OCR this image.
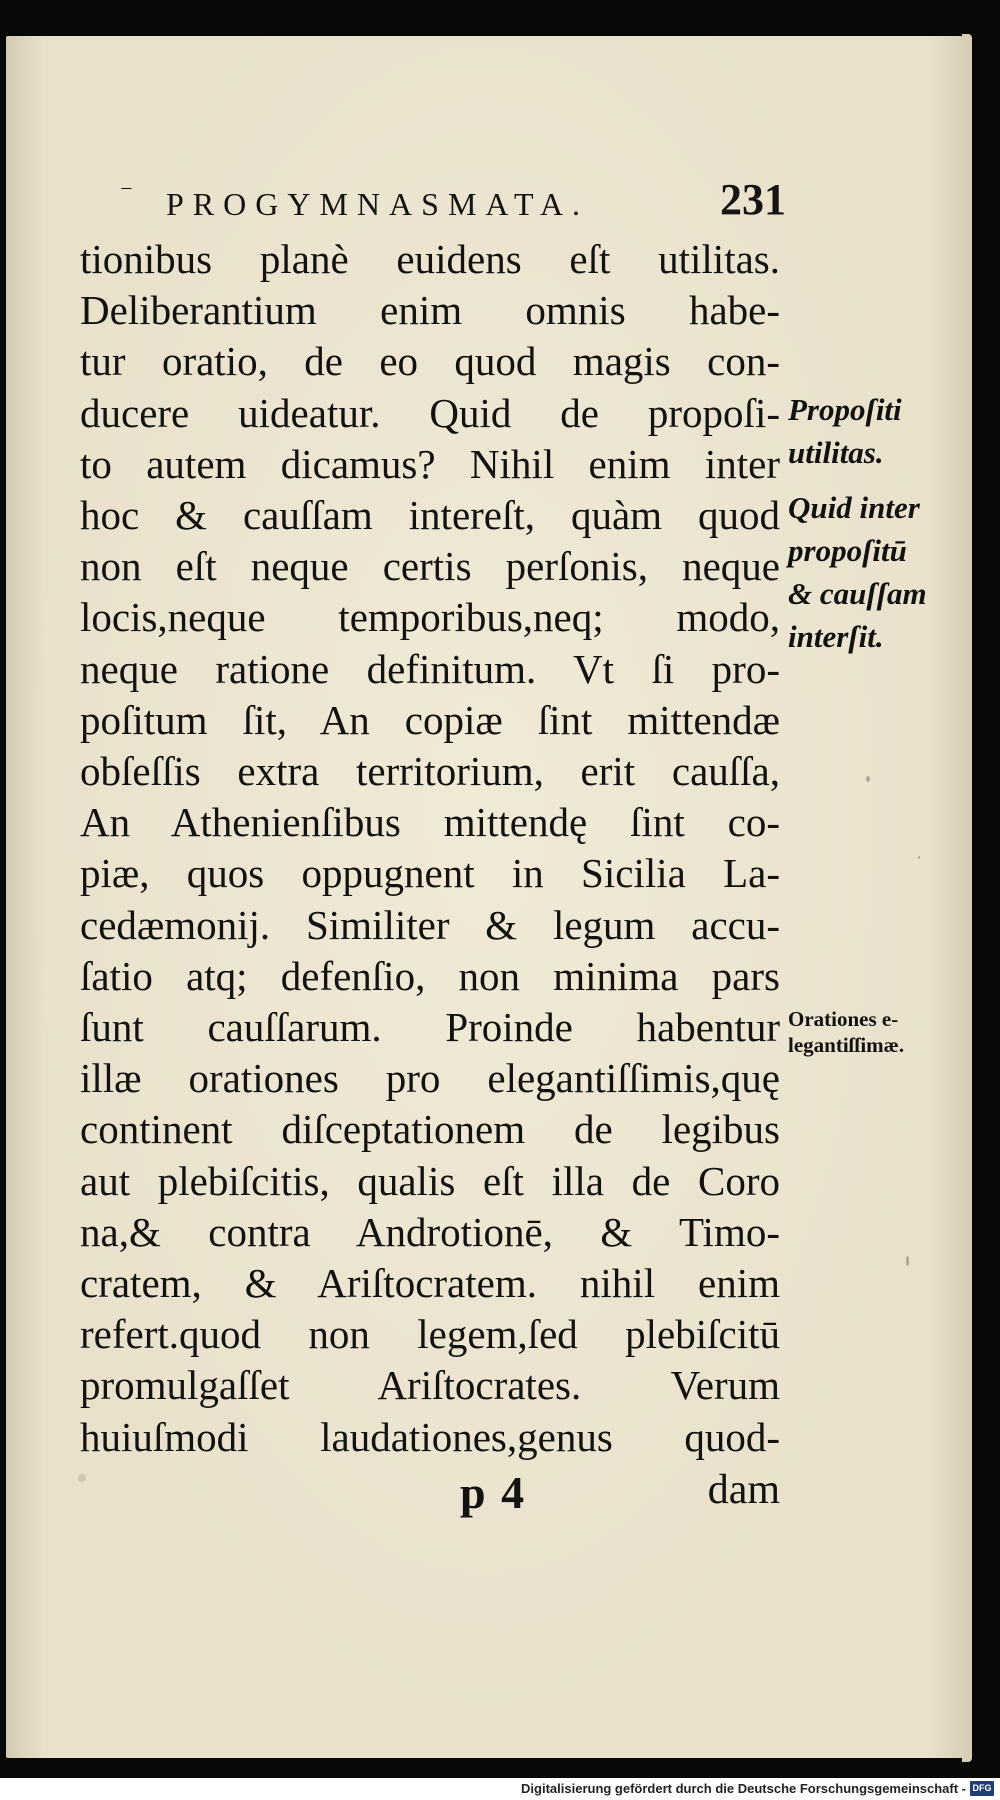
‾ PROGYMNASMATA.	231
tionibus planè euidens eſt utilitas.
Deliberantium enim omnis habe-
tur oratio, de eo quod magis con-
ducere uideatur. Quid de propoſi-
to autem dicamus? Nihil enim inter
hoc & cauſſam intereſt, quàm quod
non eſt neque certis perſonis, neque
locis,neque temporibus,neq; modo,
neque ratione definitum. Vt ſi pro-
poſitum ſit, An copiæ ſint mittendæ
obſeſſis extra territorium, erit cauſſa,
An Athenienſibus mittendę ſint co-
piæ, quos oppugnent in Sicilia La-
cedæmonij. Similiter & legum accu-
ſatio atq; defenſio, non minima pars
ſunt cauſſarum. Proinde habentur
illæ orationes pro elegantiſſimis,quę
continent diſceptationem de legibus
aut plebiſcitis, qualis eſt illa de Coro
na,& contra Androtionē, & Timo-
cratem, & Ariſtocratem. nihil enim
refert.quod non legem,ſed plebiſcitū
promulgaſſet Ariſtocrates. Verum
huiuſmodi laudationes,genus quod-
p 4	dam
Propoſiti
utilitas.
Quid inter
propoſitū
& cauſſam
interſit.
Orationes e-
legantiſſimæ.
Digitalisierung gefördert durch die Deutsche Forschungsgemeinschaft - DFG
